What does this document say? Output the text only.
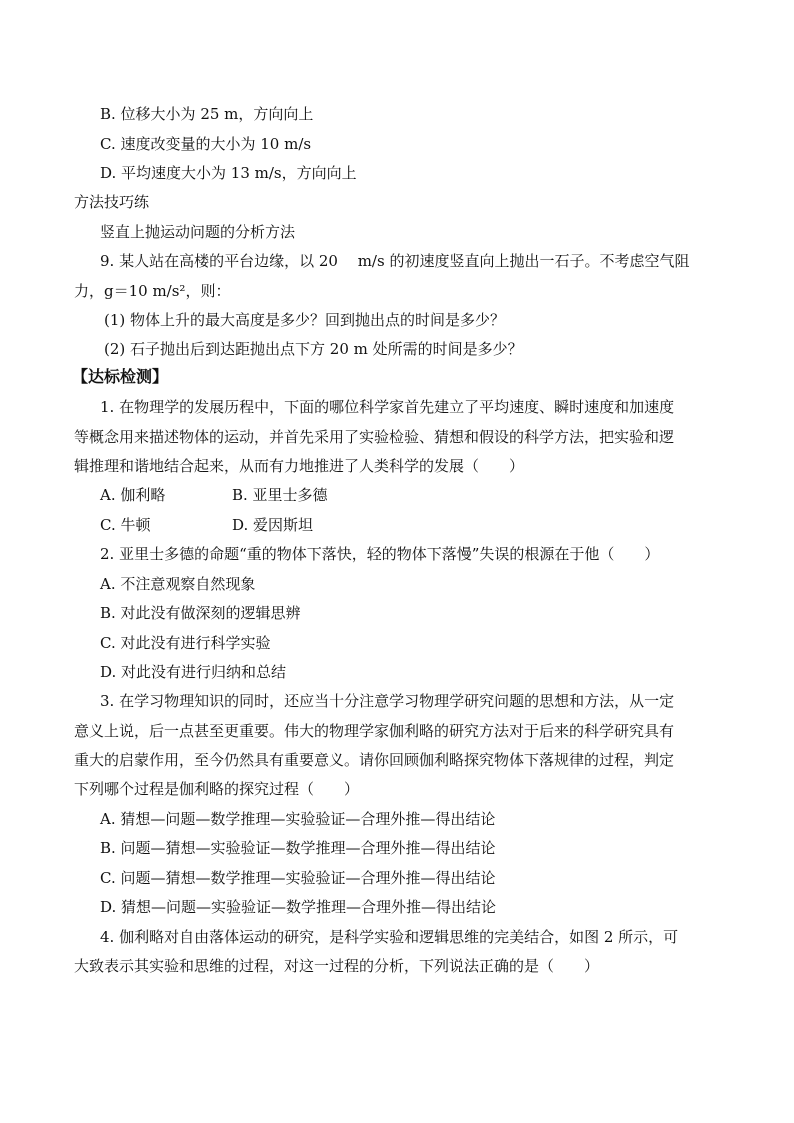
B. 位移大小为 25 m，方向向上
C. 速度改变量的大小为 10 m/s
D. 平均速度大小为 13 m/s，方向向上
方法技巧练
竖直上抛运动问题的分析方法
9. 某人站在高楼的平台边缘，以 20　 m/s 的初速度竖直向上抛出一石子。不考虑空气阻
力，g＝10 m/s²，则：
(1) 物体上升的最大高度是多少？回到抛出点的时间是多少？
(2) 石子抛出后到达距抛出点下方 20 m 处所需的时间是多少？
【达标检测】
1. 在物理学的发展历程中，下面的哪位科学家首先建立了平均速度、瞬时速度和加速度
等概念用来描述物体的运动，并首先采用了实验检验、猜想和假设的科学方法，把实验和逻
辑推理和谐地结合起来，从而有力地推进了人类科学的发展（　　）
A. 伽利略	B. 亚里士多德
C. 牛顿	D. 爱因斯坦
2. 亚里士多德的命题“重的物体下落快，轻的物体下落慢”失误的根源在于他（　　）
A. 不注意观察自然现象
B. 对此没有做深刻的逻辑思辨
C. 对此没有进行科学实验
D. 对此没有进行归纳和总结
3. 在学习物理知识的同时，还应当十分注意学习物理学研究问题的思想和方法，从一定
意义上说，后一点甚至更重要。伟大的物理学家伽利略的研究方法对于后来的科学研究具有
重大的启蒙作用，至今仍然具有重要意义。请你回顾伽利略探究物体下落规律的过程，判定
下列哪个过程是伽利略的探究过程（　　）
A. 猜想—问题—数学推理—实验验证—合理外推—得出结论
B. 问题—猜想—实验验证—数学推理—合理外推—得出结论
C. 问题—猜想—数学推理—实验验证—合理外推—得出结论
D. 猜想—问题—实验验证—数学推理—合理外推—得出结论
4. 伽利略对自由落体运动的研究，是科学实验和逻辑思维的完美结合，如图 2 所示，可
大致表示其实验和思维的过程，对这一过程的分析，下列说法正确的是（　　）
